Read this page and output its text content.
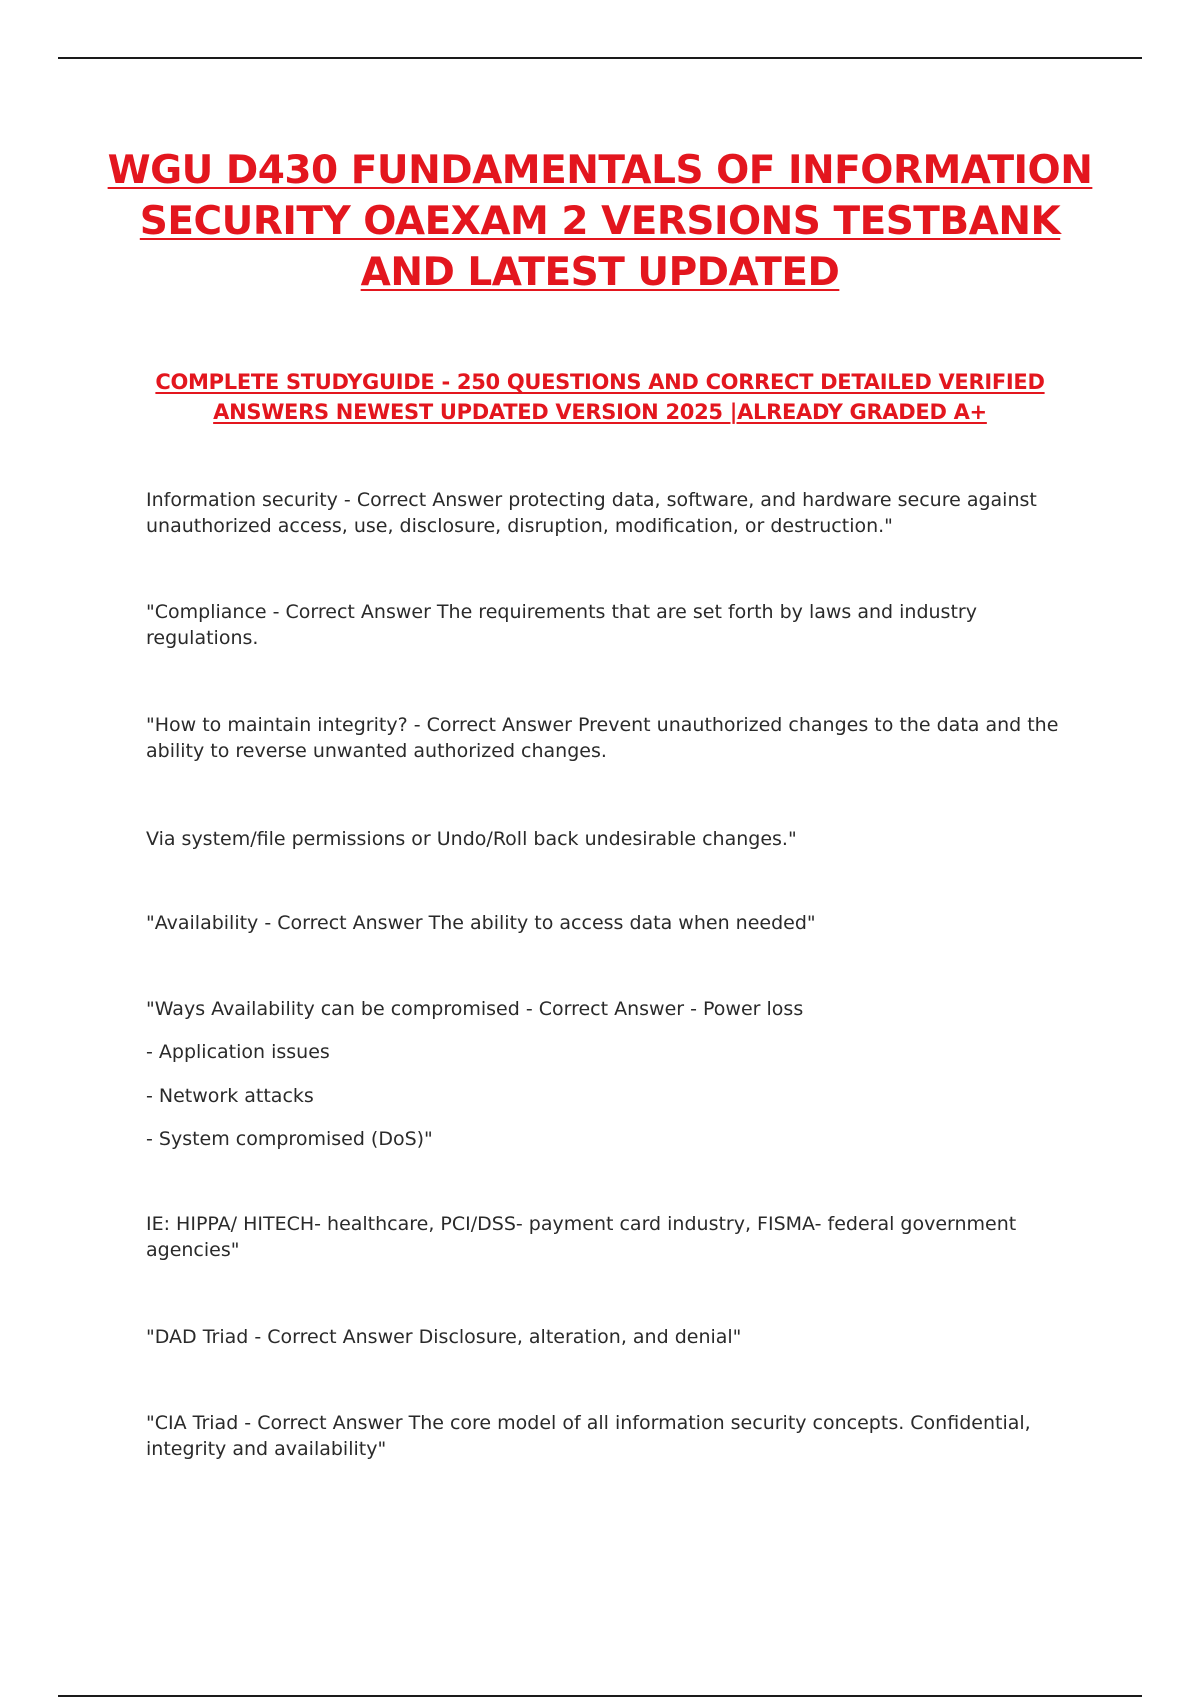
WGU D430 FUNDAMENTALS OF INFORMATION SECURITY OAEXAM 2 VERSIONS TESTBANK AND LATEST UPDATED
COMPLETE STUDYGUIDE - 250 QUESTIONS AND CORRECT DETAILED VERIFIED ANSWERS NEWEST UPDATED VERSION 2025 |ALREADY GRADED A+

Information security - Correct Answer protecting data, software, and hardware secure against unauthorized access, use, disclosure, disruption, modification, or destruction."

"Compliance - Correct Answer The requirements that are set forth by laws and industry regulations.

"How to maintain integrity? - Correct Answer Prevent unauthorized changes to the data and the ability to reverse unwanted authorized changes.

Via system/file permissions or Undo/Roll back undesirable changes."

"Availability - Correct Answer The ability to access data when needed"

"Ways Availability can be compromised - Correct Answer - Power loss

- Application issues

- Network attacks

- System compromised (DoS)"

IE: HIPPA/ HITECH- healthcare, PCI/DSS- payment card industry, FISMA- federal government agencies"

"DAD Triad - Correct Answer Disclosure, alteration, and denial"

"CIA Triad - Correct Answer The core model of all information security concepts. Confidential, integrity and availability"
